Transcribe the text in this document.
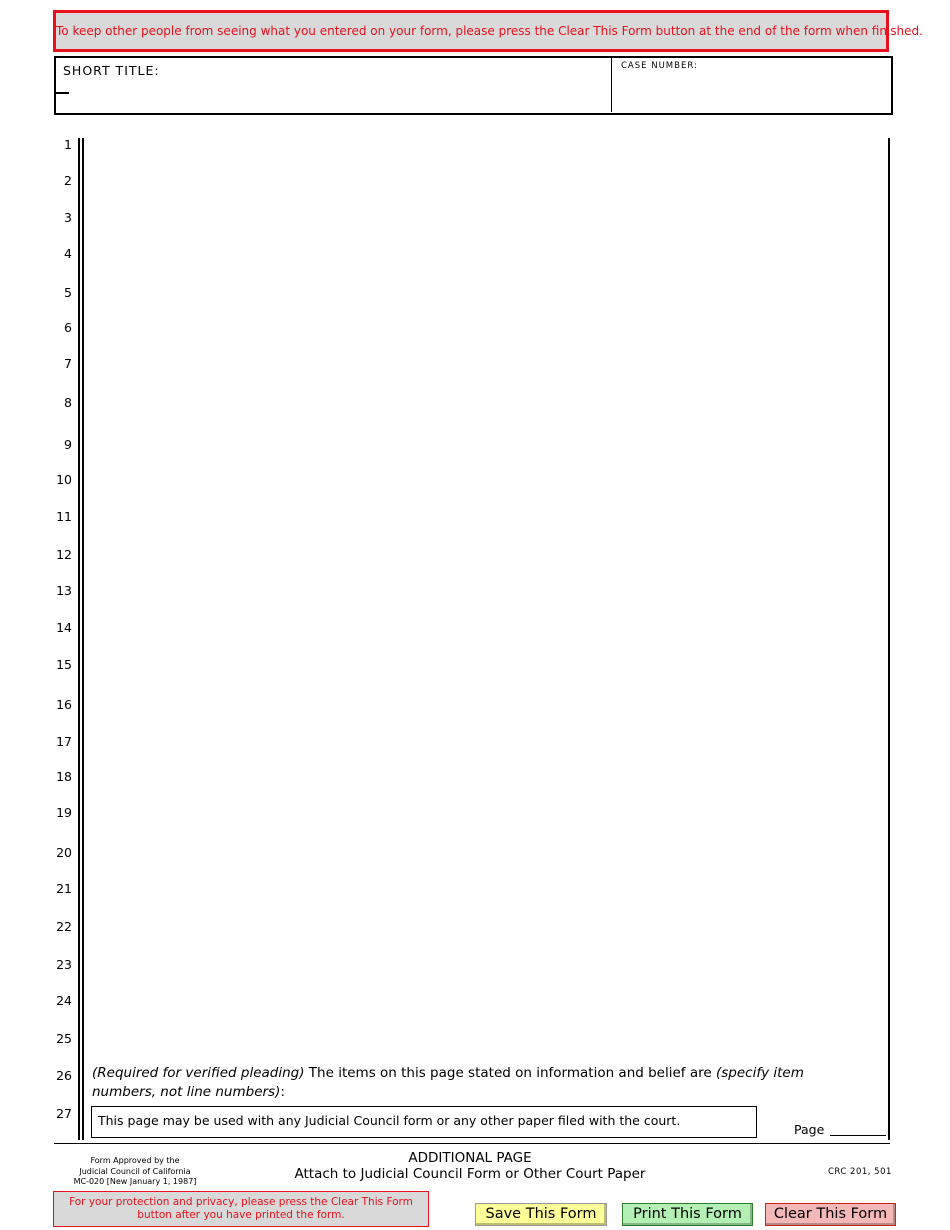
To keep other people from seeing what you entered on your form, please press the Clear This Form button at the end of the form when finished.
SHORT TITLE:	CASE NUMBER:
1
2
3
4
5
6
7
8
9
10
11
12
13
14
15
16
17
18
19
20
21
22
23
24
25
26
27
(Required for verified pleading) The items on this page stated on information and belief are (specify item numbers, not line numbers):
This page may be used with any Judicial Council form or any other paper filed with the court.
Page
Form Approved by the
Judicial Council of California
MC-020 [New January 1, 1987]
ADDITIONAL PAGE
Attach to Judicial Council Form or Other Court Paper	CRC 201, 501
For your protection and privacy, please press the Clear This Form
button after you have printed the form.	Save This Form	Print This Form	Clear This Form
